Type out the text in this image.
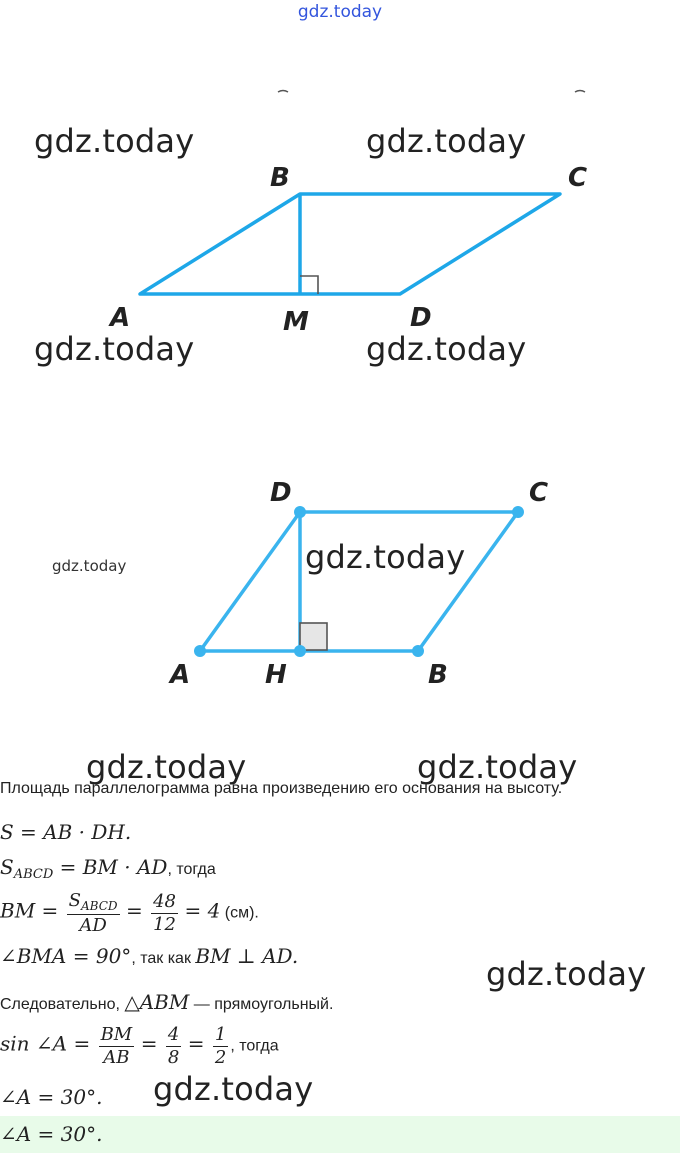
gdz.today
B	C
A	M	D
gdz.today	gdz.today
gdz.today	gdz.today
D	C
A	H	B
gdz.today	gdz.today
gdz.today	gdz.today
Площадь параллелограмма равна произведению его основания на высоту.
S = AB · DH.
$S_{ABCD}$ = BM · AD, тогда
BM = $\frac{S_{ABCD}}{AD} = \frac{48}{12} = 4$ (см).
∠BMA = 90°, так как BM ⊥ AD.	gdz.today
Следовательно, △ABM — прямоугольный.
sin ∠A = $\frac{BM}{AB} = \frac{4}{8} = \frac{1}{2}$ , тогда
∠A = 30°. gdz.today
∠A = 30°.
